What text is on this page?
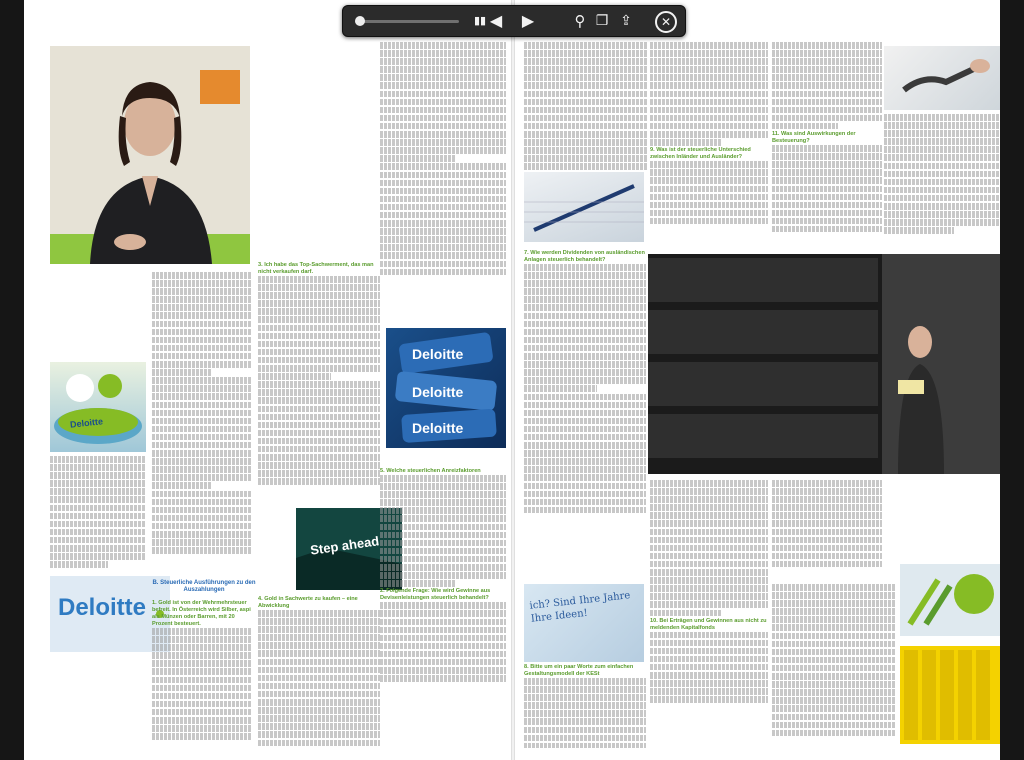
Deloitte
Step ahead
Deloitte
Deloitte
Deloitte
Deloitte
B. Steuerliche Ausführungen zu den Auszahlungen
1. Gold ist von der Wehrmehrsteuer befreit. In Österreich wird Silber, aspi als Münzen oder Barren, mit 20 Prozent besteuert.
3. Ich habe das Top-Sachwerment, das man nicht verkaufen darf.
4. Gold in Sachwerte zu kaufen – eine Abwicklung
5. Welche steuerlichen Anreizfaktoren
2. Folgende Frage: Wie wird Gewinne aus Devisenleistungen steuerlich behandelt?
7. Wie werden Dividenden von ausländischen Anlagen steuerlich behandelt?
ich? Sind Ihre Jahre Ihre Ideen!
8. Bitte um ein paar Worte zum einfachen Gestaltungsmodell der KESt
9. Was ist der steuerliche Unterschied zwischen Inländer und Ausländer?
10. Bei Erträgen und Gewinnen aus nicht zu meldenden Kapitalfonds
11. Was sind Auswirkungen der Besteuerung?
▮▮ ◀	▶	⚲ ❐ ⇪	✕
